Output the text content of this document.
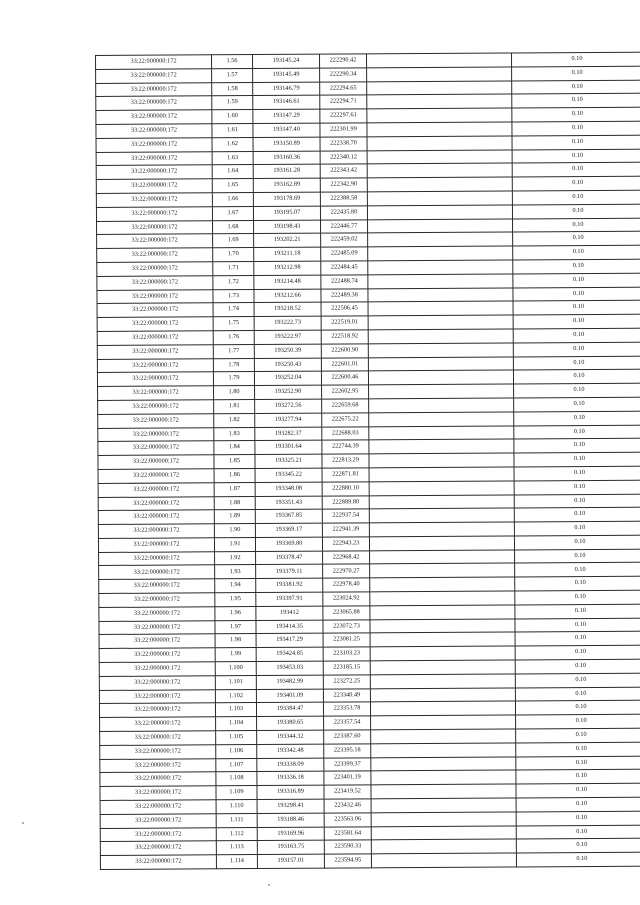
33:22:000000:172	1.56	193145.24	222290.42		0.10
33:22:000000:172	1.57	193145.49	222290.34		0.10
33:22:000000:172	1.58	193146.79	222294.65		0.10
33:22:000000:172	1.59	193146.61	222294.71		0.10
33:22:000000:172	1.60	193147.29	222297.61		0.10
33:22:000000:172	1.61	193147.40	222301.99		0.10
33:22:000000:172	1.62	193150.89	222338.70		0.10
33:22:000000:172	1.63	193160.36	222340.12		0.10
33:22:000000:172	1.64	193161.28	222343.42		0.10
33:22:000000:172	1.65	193162.89	222342.90		0.10
33:22:000000:172	1.66	193178.69	222388.58		0.10
33:22:000000:172	1.67	193195.07	222435.80		0.10
33:22:000000:172	1.68	193198.43	222446.77		0.10
33:22:000000:172	1.69	193202.21	222459.02		0.10
33:22:000000:172	1.70	193211.18	222485.09		0.10
33:22:000000:172	1.71	193212.98	222484.45		0.10
33:22:000000:172	1.72	193214.48	222488.74		0.10
33:22:000000:172	1.73	193212.66	222489.38		0.10
33:22:000000:172	1.74	193218.52	222506.45		0.10
33:22:000000:172	1.75	193222.73	222519.01		0.10
33:22:000000:172	1.76	193222.97	222518.92		0.10
33:22:000000:172	1.77	193250.39	222600.90		0.10
33:22:000000:172	1.78	193250.43	222601.01		0.10
33:22:000000:172	1.79	193252.04	222600.46		0.10
33:22:000000:172	1.80	193252.90	222602.95		0.10
33:22:000000:172	1.81	193272.56	222659.68		0.10
33:22:000000:172	1.82	193277.94	222675.22		0.10
33:22:000000:172	1.83	193282.37	222688.03		0.10
33:22:000000:172	1.84	193301.64	222744.39		0.10
33:22:000000:172	1.85	193325.21	222813.29		0.10
33:22:000000:172	1.86	193345.22	222871.81		0.10
33:22:000000:172	1.87	193348.08	222880.10		0.10
33:22:000000:172	1.88	193351.43	222889.80		0.10
33:22:000000:172	1.89	193367.85	222937.54		0.10
33:22:000000:172	1.90	193369.17	222941.39		0.10
33:22:000000:172	1.91	193369.80	222943.23		0.10
33:22:000000:172	1.92	193378.47	222968.42		0.10
33:22:000000:172	1.93	193379.11	222970.27		0.10
33:22:000000:172	1.94	193381.92	222978.40		0.10
33:22:000000:172	1.95	193397.91	223024.92		0.10
33:22:000000:172	1.96	193412	223065.88		0.10
33:22:000000:172	1.97	193414.35	223072.73		0.10
33:22:000000:172	1.98	193417.29	223081.25		0.10
33:22:000000:172	1.99	193424.85	223103.23		0.10
33:22:000000:172	1.100	193453.03	223185.15		0.10
33:22:000000:172	1.101	193482.99	223272.25		0.10
33:22:000000:172	1.102	193401.09	223340.49		0.10
33:22:000000:172	1.103	193384.47	223353.78		0.10
33:22:000000:172	1.104	193380.65	223357.54		0.10
33:22:000000:172	1.105	193344.32	223387.60		0.10
33:22:000000:172	1.106	193342.48	223395.18		0.10
33:22:000000:172	1.107	193338.09	223399.37		0.10
33:22:000000:172	1.108	193336.18	223401.19		0.10
33:22:000000:172	1.109	193316.89	223419.52		0.10
33:22:000000:172	1.110	193298.41	223432.46		0.10
33:22:000000:172	1.111	193188.46	223563.06		0.10
33:22:000000:172	1.112	193169.96	223581.64		0.10
33:22:000000:172	1.113	193163.75	223590.33		0.10
33:22:000000:172	1.114	193157.01	223594.95		0.10
